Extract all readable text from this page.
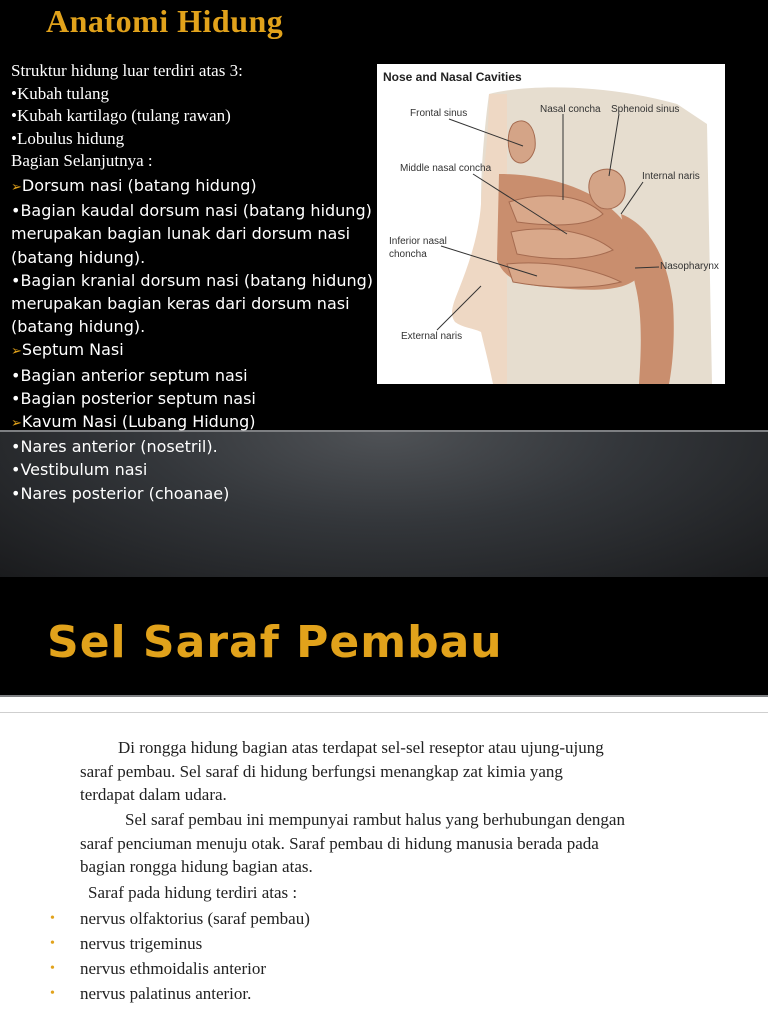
Anatomi Hidung
Struktur hidung luar terdiri atas 3:
•Kubah tulang
•Kubah kartilago (tulang rawan)
•Lobulus hidung
Bagian Selanjutnya :
➢Dorsum nasi (batang hidung)
•Bagian kaudal dorsum nasi (batang hidung)
merupakan bagian lunak dari dorsum nasi (batang hidung).
•Bagian kranial dorsum nasi (batang hidung)
merupakan bagian keras dari dorsum nasi (batang hidung).
➢Septum Nasi
•Bagian anterior septum nasi
•Bagian posterior septum nasi
➢Kavum Nasi (Lubang Hidung)
•Nares anterior (nosetril).
•Vestibulum nasi
•Nares posterior (choanae)
Nose and Nasal Cavities
Frontal sinus	Nasal concha Sphenoid sinus
Middle nasal concha
Internal naris
Inferior nasal
choncha
Nasopharynx
External naris
Sel Saraf Pembau
Di rongga hidung bagian atas terdapat sel-sel reseptor atau ujung-ujung
saraf pembau. Sel saraf di hidung berfungsi menangkap zat kimia yang
terdapat dalam udara.
Sel saraf pembau ini mempunyai rambut halus yang berhubungan dengan
saraf penciuman menuju otak. Saraf pembau di hidung manusia berada pada
bagian rongga hidung bagian atas.
Saraf pada hidung terdiri atas :
• nervus olfaktorius (saraf pembau)
• nervus trigeminus
• nervus ethmoidalis anterior
• nervus palatinus anterior.
